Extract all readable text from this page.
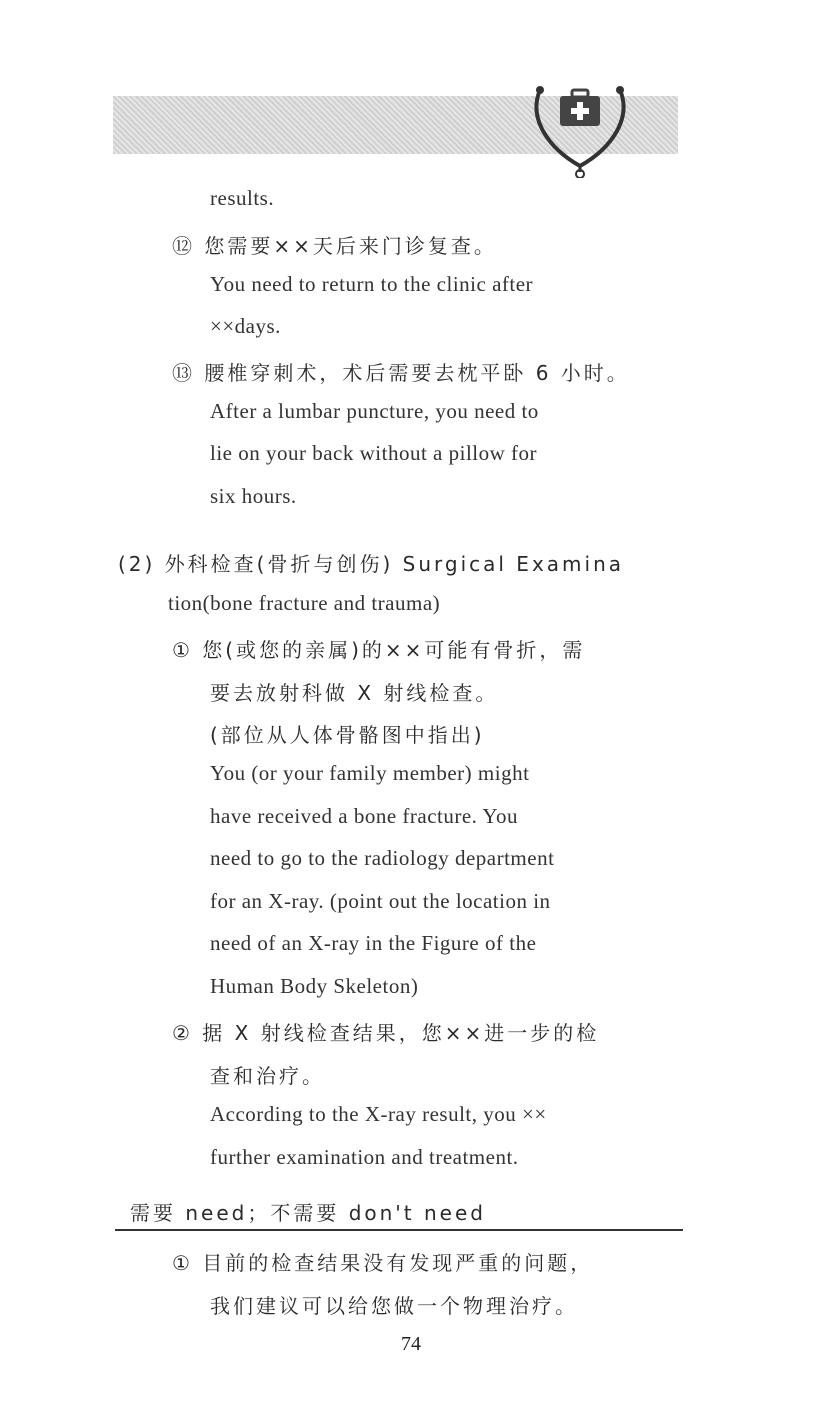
results.
⑫ 您需要××天后来门诊复查。
You need to return to the clinic after
××days.
⑬ 腰椎穿刺术，术后需要去枕平卧 6 小时。
After a lumbar puncture, you need to
lie on your back without a pillow for
six hours.
(2) 外科检查(骨折与创伤) Surgical Examina
tion(bone fracture and trauma)
① 您(或您的亲属)的××可能有骨折，需
要去放射科做 X 射线检查。
(部位从人体骨骼图中指出)
You (or your family member) might
have received a bone fracture. You
need to go to the radiology department
for an X-ray. (point out the location in
need of an X-ray in the Figure of the
Human Body Skeleton)
② 据 X 射线检查结果，您××进一步的检
查和治疗。
According to the X-ray result, you ××
further examination and treatment.
需要 need；不需要 don't need
① 目前的检查结果没有发现严重的问题，
我们建议可以给您做一个物理治疗。
74
